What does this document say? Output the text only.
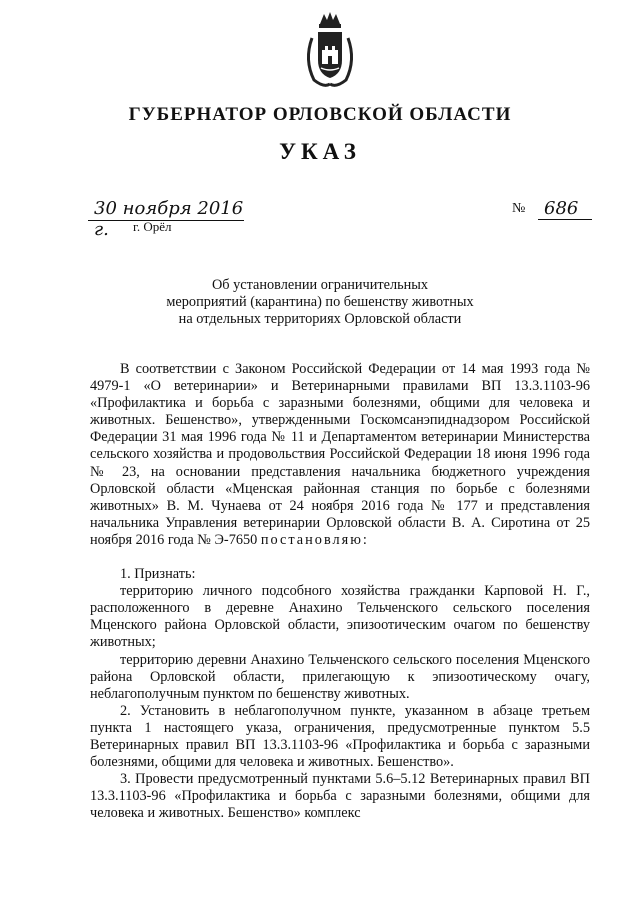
ГУБЕРНАТОР ОРЛОВСКОЙ ОБЛАСТИ
УКАЗ
30 ноября 2016 г.	г. Орёл
№ 686
Об установлении ограничительных
мероприятий (карантина) по бешенству животных
на отдельных территориях Орловской области

В соответствии с Законом Российской Федерации от 14 мая 1993 года № 4979-1 «О ветеринарии» и Ветеринарными правилами ВП 13.3.1103-96 «Профилактика и борьба с заразными болезнями, общими для человека и животных. Бешенство», утвержденными Госкомсанэпиднадзором Российской Федерации 31 мая 1996 года № 11 и Департаментом ветеринарии Министерства сельского хозяйства и продовольствия Российской Федерации 18 июня 1996 года № 23, на основании представления начальника бюджетного учреждения Орловской области «Мценская районная станция по борьбе с болезнями животных» В. М. Чунаева от 24 ноября 2016 года № 177 и представления начальника Управления ветеринарии Орловской области В. А. Сиротина от 25 ноября 2016 года № Э-7650 постановляю:

1. Признать:

территорию личного подсобного хозяйства гражданки Карповой Н. Г., расположенного в деревне Анахино Тельченского сельского поселения Мценского района Орловской области, эпизоотическим очагом по бешенству животных;

территорию деревни Анахино Тельченского сельского поселения Мценского района Орловской области, прилегающую к эпизоотическому очагу, неблагополучным пунктом по бешенству животных.

2. Установить в неблагополучном пункте, указанном в абзаце третьем пункта 1 настоящего указа, ограничения, предусмотренные пунктом 5.5 Ветеринарных правил ВП 13.3.1103-96 «Профилактика и борьба с заразными болезнями, общими для человека и животных. Бешенство».

3. Провести предусмотренный пунктами 5.6–5.12 Ветеринарных правил ВП 13.3.1103-96 «Профилактика и борьба с заразными болезнями, общими для человека и животных. Бешенство» комплекс
